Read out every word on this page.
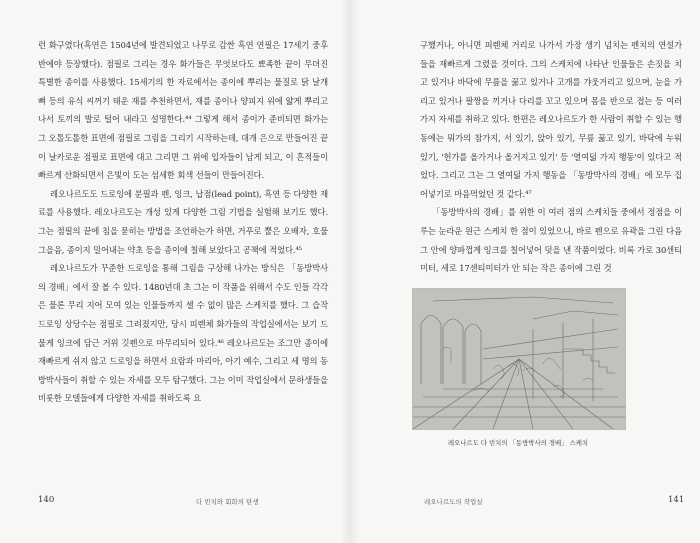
런 화구였다(흑연은 1504년에 발견되었고 나무로 감싼 흑연 연필은 17세기 중후반에야 등장했다). 점필로 그리는 경우 화가들은 무엇보다도 뾰족한 끝이 무뎌진 특별한 종이를 사용했다. 15세기의 한 자료에서는 종이에 뿌리는 물질로 닭 날개 뼈 등의 유식 씨꺼기 태운 재를 추천하면서, 재를 종이나 양피지 위에 얇게 뿌리고 나서 토끼의 발로 털어 내라고 설명한다.⁴⁴ 그렇게 해서 종이가 준비되면 화가는 그 오톨도톨한 표면에 점필로 그림을 그리기 시작하는데, 대개 은으로 만들어진 끝이 날카로운 점필로 표면에 대고 그리면 그 위에 입자들이 남게 되고, 이 흔적들이 빠르게 산화되면서 은빛이 도는 섬세한 회색 선들이 만들어진다.

레오나르도도 드로잉에 분필과 펜, 잉크, 납점(lead point), 흑연 등 다양한 재료를 사용했다. 레오나르도는 개성 있게 다양한 그림 기법을 실험해 보기도 했다. 그는 점필의 끝에 침을 묻히는 방법을 조언하는가 하면, 거푸로 뿔은 오배자, 호물 그을음, 종이지 밀어내는 약초 등을 종이에 칠해 보았다고 공책에 적었다.⁴⁵

레오나르도가 꾸준한 드로잉을 통해 그림을 구상해 나가는 방식은 「동방박사의 경배」에서 잘 볼 수 있다. 1480년대 초 그는 이 작품을 위해서 수도 인들 각각은 물론 무리 지어 모여 있는 인물들까지 셀 수 없이 많은 스케치를 했다. 그 습작 드로잉 상당수는 점필로 그려졌지만, 당시 피렌체 화가들의 작업실에서는 보기 드물게 잉크에 담근 거위 깃펜으로 마무리되어 있다.⁴⁶ 레오나르도는 조그만 종이에 재빠르게 쉬지 않고 드로잉을 하면서 요람과 마리아, 아기 예수, 그리고 세 명의 동방박사들이 취할 수 있는 자세를 모두 탐구했다. 그는 이미 작업실에서 문하생들을 비롯한 모델들에게 다양한 자세를 취하도록 요

140	다 빈치와 회화의 탄생

구했거나, 아니면 피렌체 거리로 나가서 가장 생기 넘치는 펜치의 연설가들을 재빠르게 그렸을 것이다. 그의 스케치에 나타난 인물들은 손짓을 치고 있거나 바닥에 무릎을 꿇고 있거나 고개를 갸웃거리고 있으며, 눈을 가리고 있거나 팔짱을 끼거나 다리를 꼬고 있으며 몸을 반으로 접는 등 여러 가지 자세를 취하고 있다. 한편은 레오나르도가 한 사람이 취할 수 있는 행동에는 뭐가의 참가지, 서 있기, 앉아 있기, 무릎 꿇고 있기, 바닥에 누워 있기, '헌가를 올가거나 올거지고 있기' 등 '열여덟 가지 행동'이 있다고 적었다. 그리고 그는 그 열여덟 가지 행동을 「동방박사의 경배」에 모두 집어넣기로 마음먹었던 것 같다.⁴⁷

「동방박사의 경배」를 위한 이 여러 점의 스케치들 중에서 정점을 이루는 눈라운 원근 스케치 한 점이 있었으니, 바로 펜으로 유곽을 그린 다음 그 안에 양파껍게 잉크를 칠어넣어 덧을 낸 작품이었다. 비록 가로 30센티미터, 세로 17센티미터가 안 되는 작은 종이에 그린 것

레오나르도 다 빈치의 「동방박사의 경배」 스케치
레오나르도의 작업실	141
